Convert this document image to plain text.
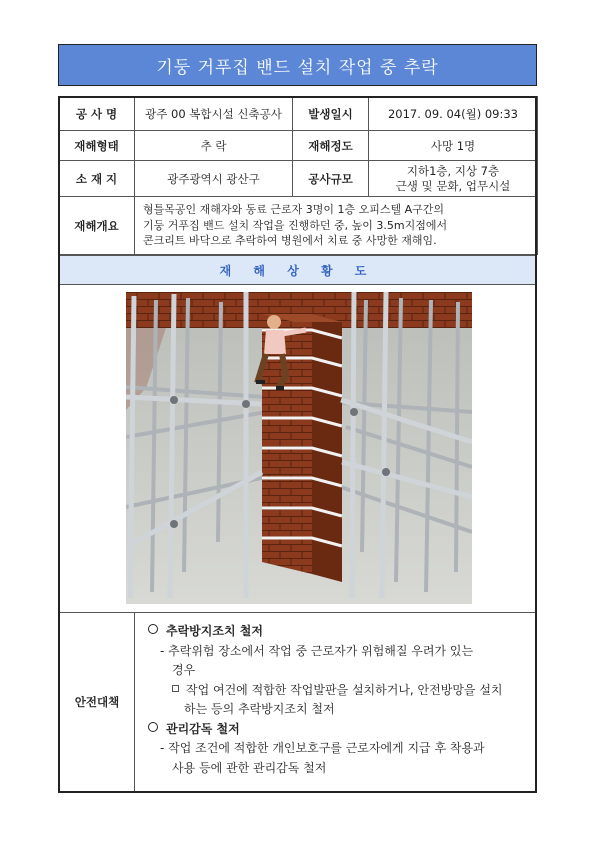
기둥 거푸집 밴드 설치 작업 중 추락
공 사 명	광주 00 복합시설 신축공사	발생일시	2017. 09. 04(월) 09:33
재해형태	추 락	재해정도	사망 1명
소 재 지	광주광역시 광산구	공사규모	지하1층, 지상 7층
근생 및 문화, 업무시설

재해개요	형틀목공인 재해자와 동료 근로자 3명이 1층 오피스텔 A구간의
기둥 거푸집 밴드 설치 작업을 진행하던 중, 높이 3.5m지점에서
콘크리트 바닥으로 추락하여 병원에서 치료 중 사망한 재해임.		
재 해 상 황 도
안전대책
추락방지조치 철저
- 추락위험 장소에서 작업 중 근로자가 위험해질 우려가 있는
경우
작업 여건에 적합한 작업발판을 설치하거나, 안전방망을 설치
하는 등의 추락방지조치 철저
관리감독 철저
- 작업 조건에 적합한 개인보호구를 근로자에게 지급 후 착용과
사용 등에 관한 관리감독 철저
